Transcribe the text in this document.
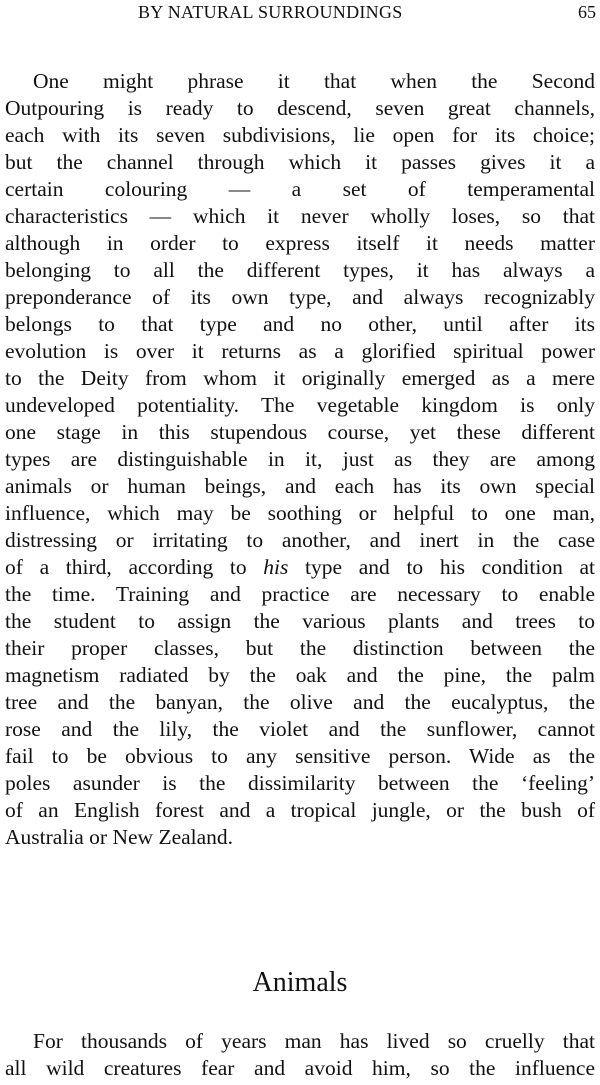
BY NATURAL SURROUNDINGS	65

One might phrase it that when the Second
Outpouring is ready to descend, seven great channels,
each with its seven subdivisions, lie open for its choice;
but the channel through which it passes gives it a
certain colouring — a set of temperamental
characteristics — which it never wholly loses, so that
although in order to express itself it needs matter
belonging to all the different types, it has always a
preponderance of its own type, and always recognizably
belongs to that type and no other, until after its
evolution is over it returns as a glorified spiritual power
to the Deity from whom it originally emerged as a mere
undeveloped potentiality. The vegetable kingdom is only
one stage in this stupendous course, yet these different
types are distinguishable in it, just as they are among
animals or human beings, and each has its own special
influence, which may be soothing or helpful to one man,
distressing or irritating to another, and inert in the case
of a third, according to his type and to his condition at
the time. Training and practice are necessary to enable
the student to assign the various plants and trees to
their proper classes, but the distinction between the
magnetism radiated by the oak and the pine, the palm
tree and the banyan, the olive and the eucalyptus, the
rose and the lily, the violet and the sunflower, cannot
fail to be obvious to any sensitive person. Wide as the
poles asunder is the dissimilarity between the ‘feeling’
of an English forest and a tropical jungle, or the bush of
Australia or New Zealand.

Animals

For thousands of years man has lived so cruelly that
all wild creatures fear and avoid him, so the influence
